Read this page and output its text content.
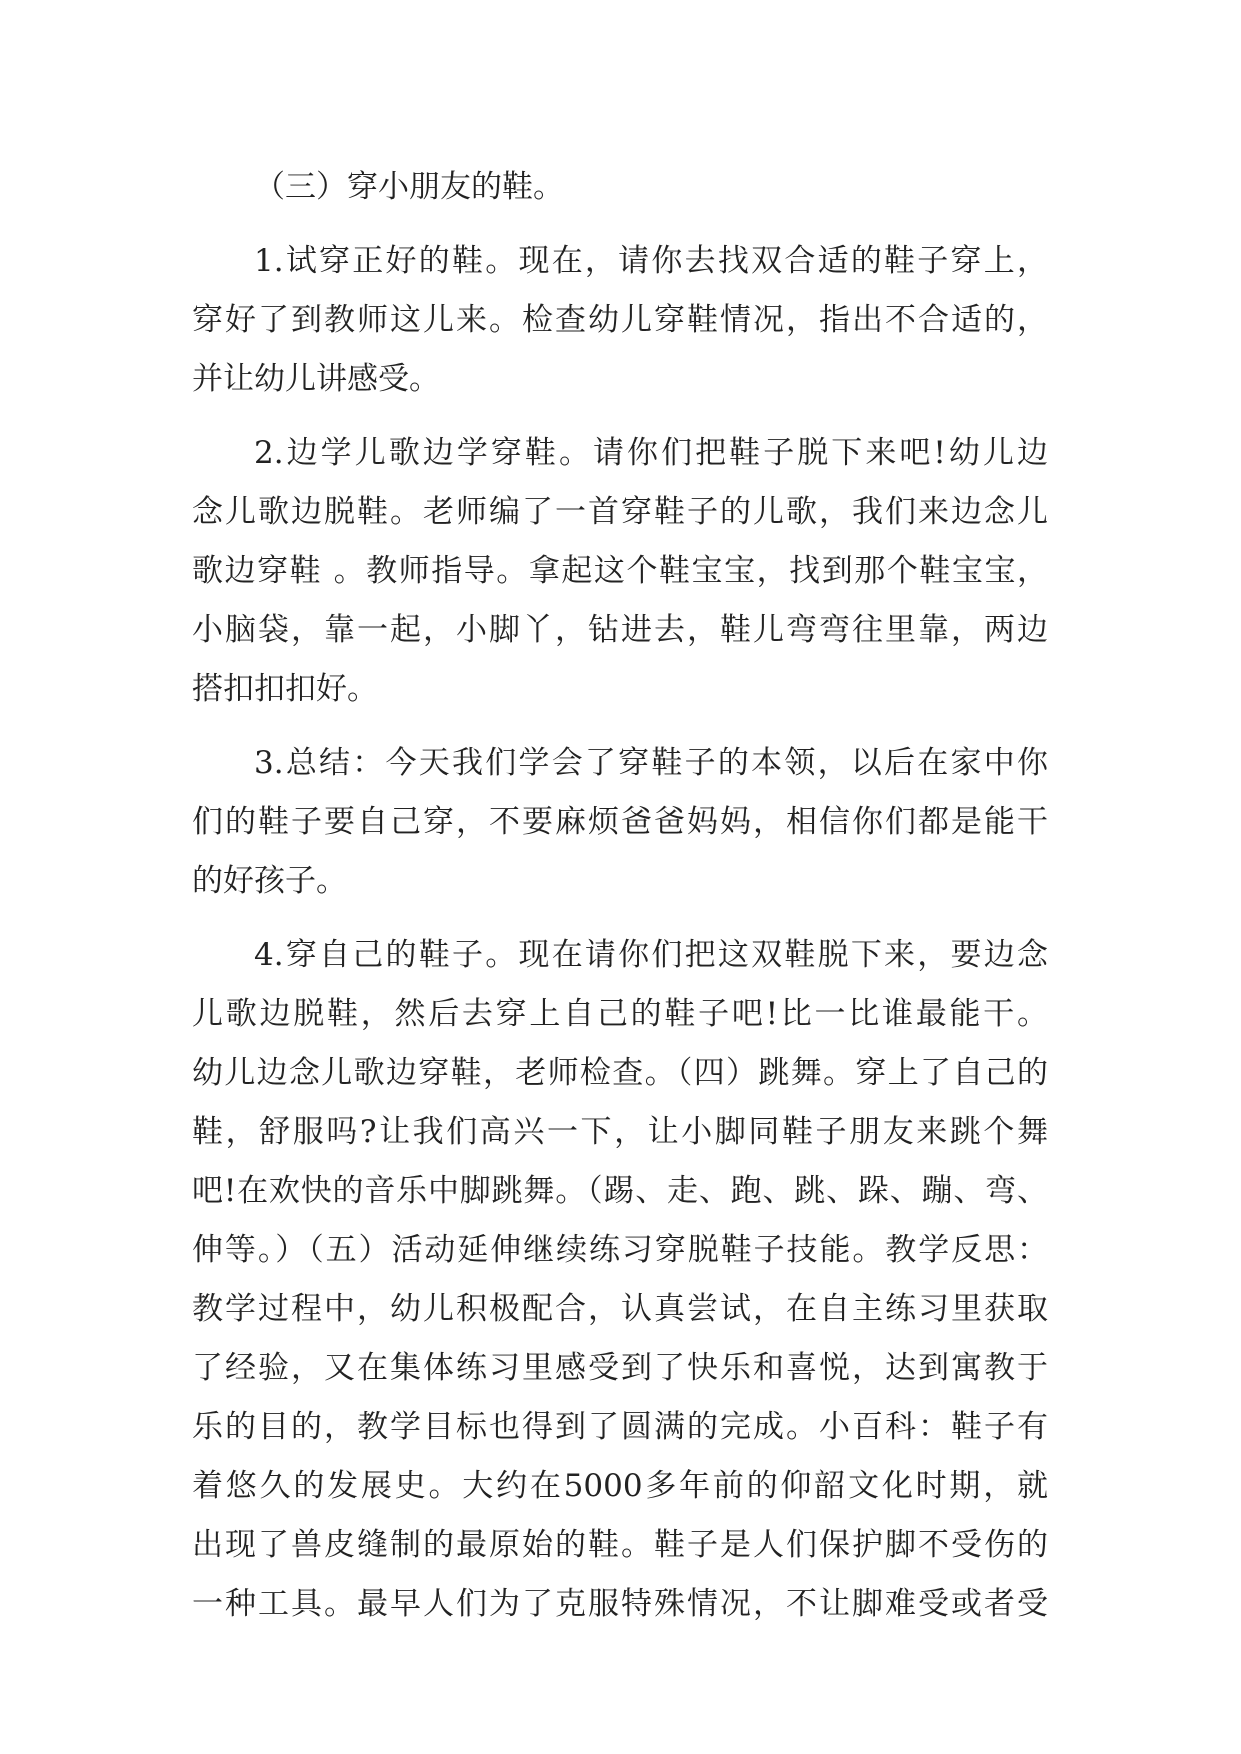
（三）穿小朋友的鞋。
1.试穿正好的鞋。现在，请你去找双合适的鞋子穿上，
穿好了到教师这儿来。检查幼儿穿鞋情况，指出不合适的，
并让幼儿讲感受。
2.边学儿歌边学穿鞋。请你们把鞋子脱下来吧!幼儿边
念儿歌边脱鞋。老师编了一首穿鞋子的儿歌，我们来边念儿
歌边穿鞋 。教师指导。拿起这个鞋宝宝，找到那个鞋宝宝，
小脑袋，靠一起，小脚丫，钻进去，鞋儿弯弯往里靠，两边
搭扣扣扣好。
3.总结：今天我们学会了穿鞋子的本领，以后在家中你
们的鞋子要自己穿，不要麻烦爸爸妈妈，相信你们都是能干
的好孩子。
4.穿自己的鞋子。现在请你们把这双鞋脱下来，要边念
儿歌边脱鞋，然后去穿上自己的鞋子吧!比一比谁最能干。
幼儿边念儿歌边穿鞋，老师检查。（四）跳舞。穿上了自己的
鞋，舒服吗?让我们高兴一下，让小脚同鞋子朋友来跳个舞
吧!在欢快的音乐中脚跳舞。（踢、走、跑、跳、跺、蹦、弯、
伸等。）（五）活动延伸继续练习穿脱鞋子技能。教学反思：
教学过程中，幼儿积极配合，认真尝试，在自主练习里获取
了经验，又在集体练习里感受到了快乐和喜悦，达到寓教于
乐的目的，教学目标也得到了圆满的完成。小百科：鞋子有
着悠久的发展史。大约在5000多年前的仰韶文化时期，就
出现了兽皮缝制的最原始的鞋。鞋子是人们保护脚不受伤的
一种工具。最早人们为了克服特殊情况，不让脚难受或者受
